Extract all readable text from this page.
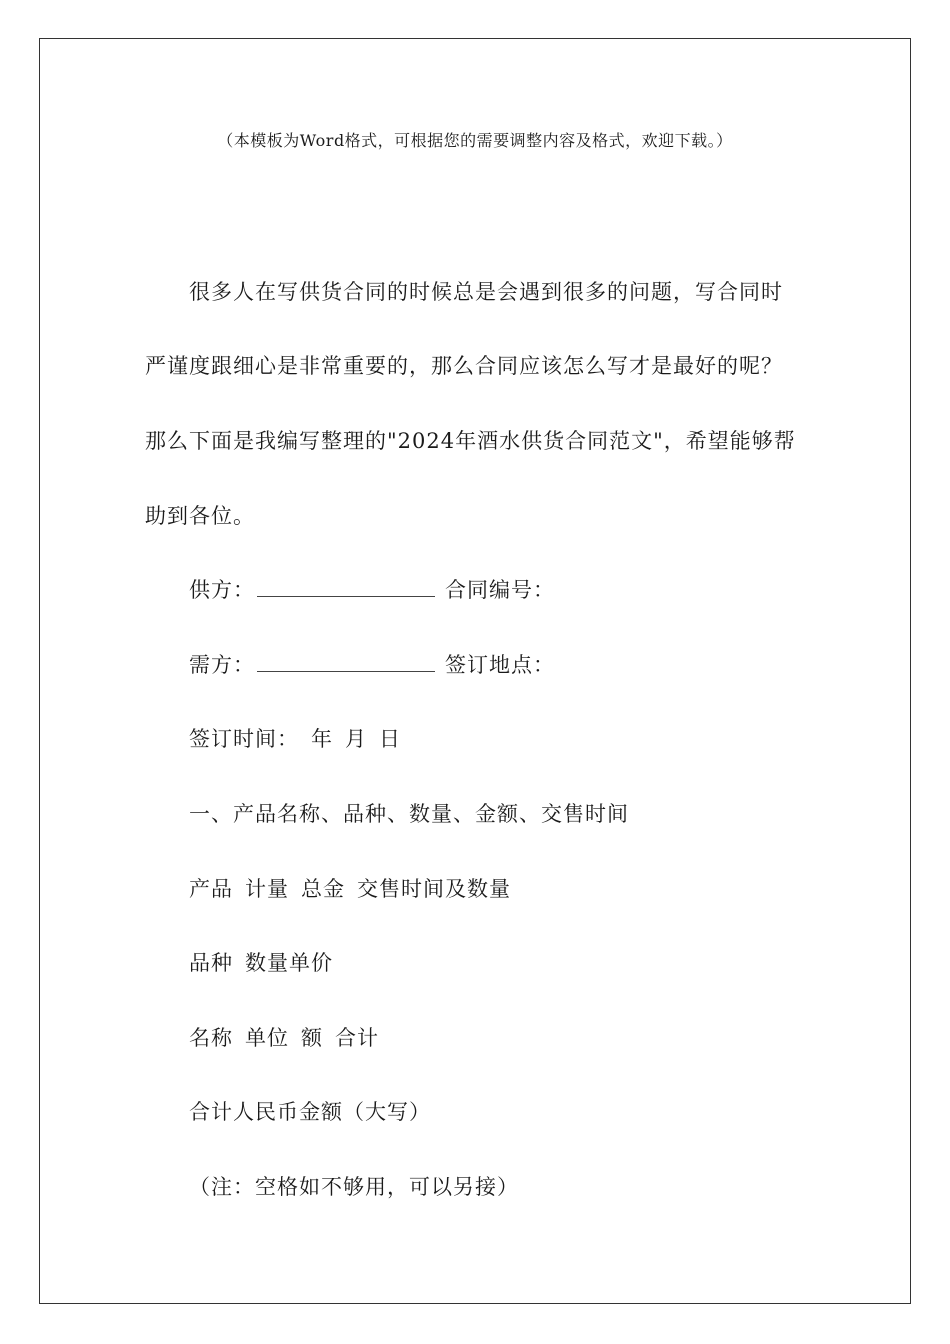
（本模板为Word格式，可根据您的需要调整内容及格式，欢迎下载。）
很多人在写供货合同的时候总是会遇到很多的问题，写合同时
严谨度跟细心是非常重要的，那么合同应该怎么写才是最好的呢？
那么下面是我编写整理的"2024年酒水供货合同范文"，希望能够帮
助到各位。
供方：	合同编号：
需方：	签订地点：
签订时间： 年 月 日
一、产品名称、品种、数量、金额、交售时间
产品 计量 总金 交售时间及数量
品种 数量单价
名称 单位 额 合计
合计人民币金额（大写）
（注：空格如不够用，可以另接）
